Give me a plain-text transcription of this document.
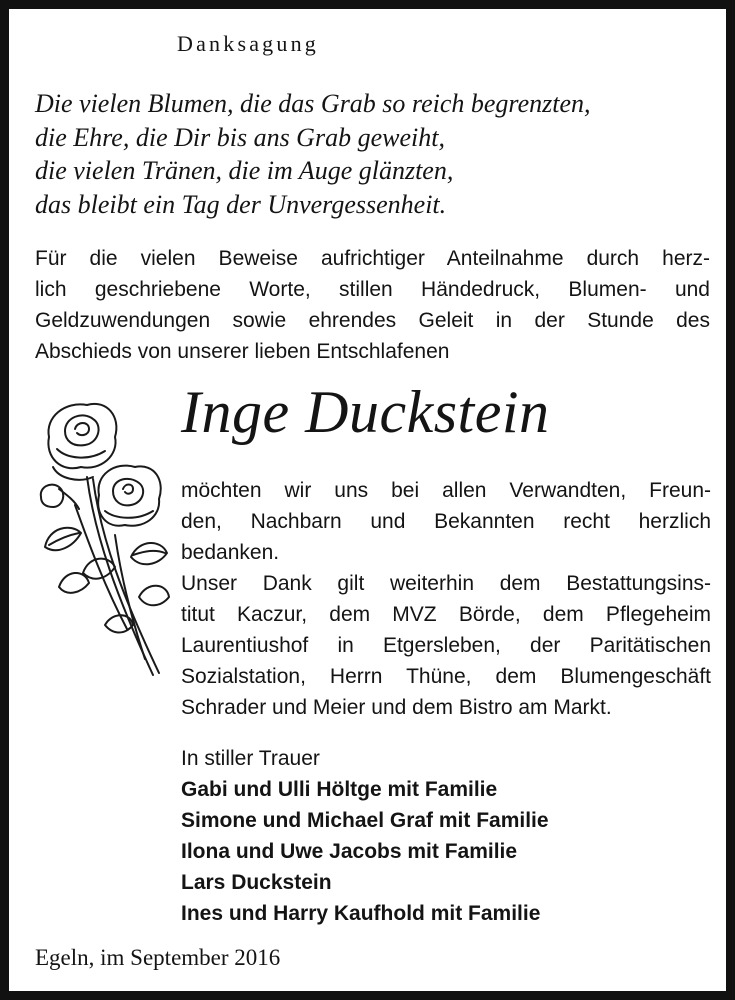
Danksagung
Die vielen Blumen, die das Grab so reich begrenzten,
die Ehre, die Dir bis ans Grab geweiht,
die vielen Tränen, die im Auge glänzten,
das bleibt ein Tag der Unvergessenheit.
Für die vielen Beweise aufrichtiger Anteilnahme durch herz-
lich geschriebene Worte, stillen Händedruck, Blumen- und
Geldzuwendungen sowie ehrendes Geleit in der Stunde des
Abschieds von unserer lieben Entschlafenen
Inge Duckstein
möchten wir uns bei allen Verwandten, Freun-
den, Nachbarn und Bekannten recht herzlich
bedanken.
Unser Dank gilt weiterhin dem Bestattungsins-
titut Kaczur, dem MVZ Börde, dem Pflegeheim
Laurentiushof in Etgersleben, der Paritätischen
Sozialstation, Herrn Thüne, dem Blumengeschäft
Schrader und Meier und dem Bistro am Markt.
In stiller Trauer
Gabi und Ulli Höltge mit Familie
Simone und Michael Graf mit Familie
Ilona und Uwe Jacobs mit Familie
Lars Duckstein
Ines und Harry Kaufhold mit Familie
Egeln, im September 2016
